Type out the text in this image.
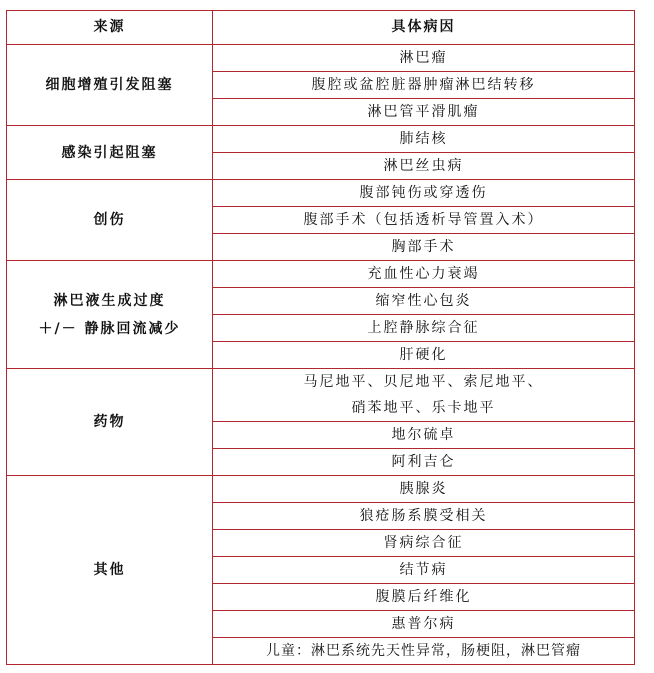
来源	具体病因
细胞增殖引发阻塞	淋巴瘤
	腹腔或盆腔脏器肿瘤淋巴结转移
	淋巴管平滑肌瘤
感染引起阻塞	肺结核
	淋巴丝虫病
创伤	腹部钝伤或穿透伤
	腹部手术（包括透析导管置入术）
	胸部手术
淋巴液生成过度
＋/－ 静脉回流减少	充血性心力衰竭
	缩窄性心包炎
	上腔静脉综合征
	肝硬化
药物	马尼地平、贝尼地平、索尼地平、
硝苯地平、乐卡地平
	地尔硫卓
	阿利吉仑
其他	胰腺炎
	狼疮肠系膜受相关
	肾病综合征
	结节病
	腹膜后纤维化
	惠普尔病
	儿童：淋巴系统先天性异常，肠梗阻，淋巴管瘤
